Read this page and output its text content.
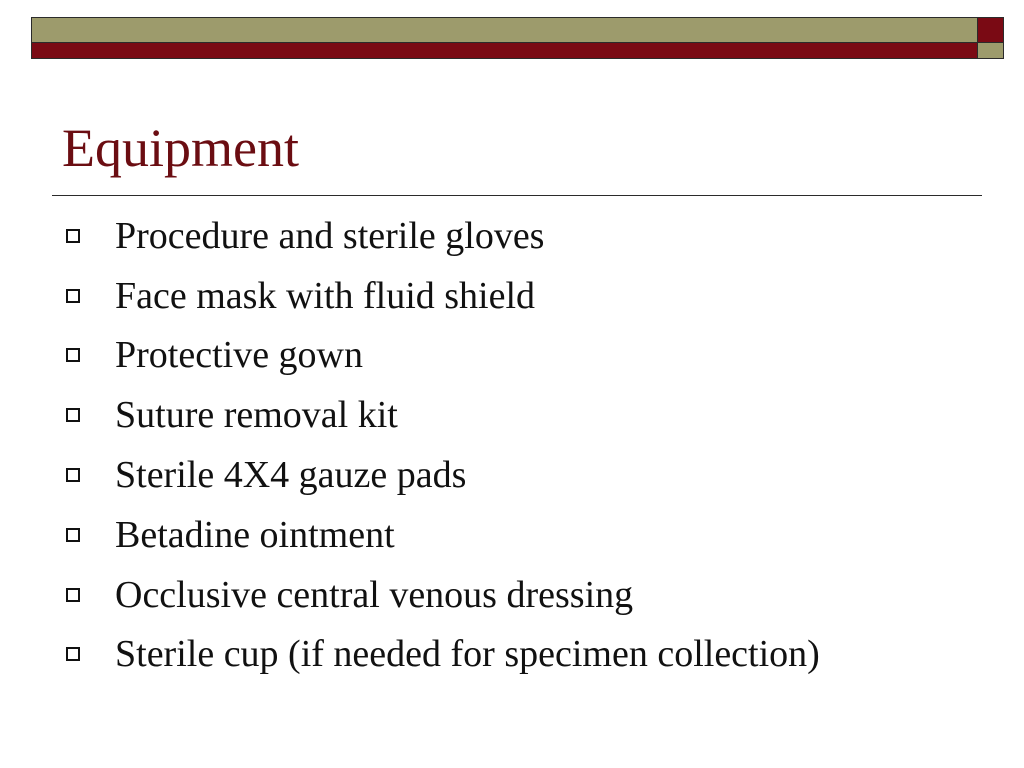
Equipment
Procedure and sterile gloves
Face mask with fluid shield
Protective gown
Suture removal kit
Sterile 4X4 gauze pads
Betadine ointment
Occlusive central venous dressing
Sterile cup (if needed for specimen collection)
